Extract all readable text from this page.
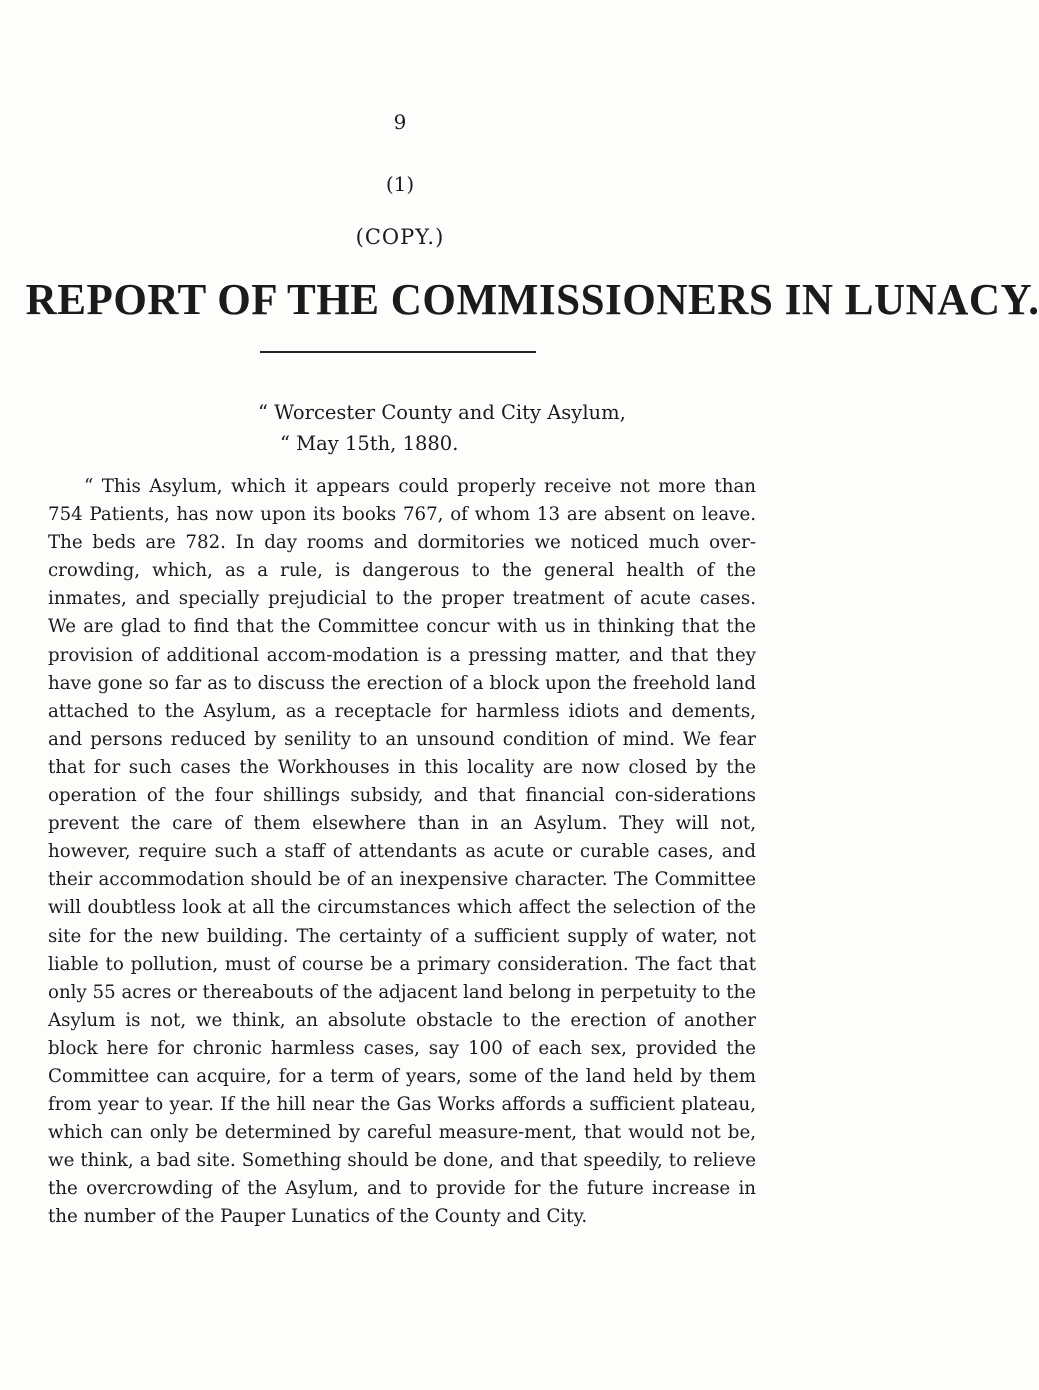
9
(1)
(COPY.)
REPORT OF THE COMMISSIONERS IN LUNACY.
“ Worcester County and City Asylum,
“ May 15th, 1880.

“ This Asylum, which it appears could properly receive not more than 754 Patients, has now upon its books 767, of whom 13 are absent on leave. The beds are 782. In day rooms and dormitories we noticed much over-crowding, which, as a rule, is dangerous to the general health of the inmates, and specially prejudicial to the proper treatment of acute cases. We are glad to find that the Committee concur with us in thinking that the provision of additional accom-modation is a pressing matter, and that they have gone so far as to discuss the erection of a block upon the freehold land attached to the Asylum, as a receptacle for harmless idiots and dements, and persons reduced by senility to an unsound condition of mind. We fear that for such cases the Workhouses in this locality are now closed by the operation of the four shillings subsidy, and that financial con-siderations prevent the care of them elsewhere than in an Asylum. They will not, however, require such a staff of attendants as acute or curable cases, and their accommodation should be of an inexpensive character. The Committee will doubtless look at all the circumstances which affect the selection of the site for the new building. The certainty of a sufficient supply of water, not liable to pollution, must of course be a primary consideration. The fact that only 55 acres or thereabouts of the adjacent land belong in perpetuity to the Asylum is not, we think, an absolute obstacle to the erection of another block here for chronic harmless cases, say 100 of each sex, provided the Committee can acquire, for a term of years, some of the land held by them from year to year. If the hill near the Gas Works affords a sufficient plateau, which can only be determined by careful measure-ment, that would not be, we think, a bad site. Something should be done, and that speedily, to relieve the overcrowding of the Asylum, and to provide for the future increase in the number of the Pauper Lunatics of the County and City.
